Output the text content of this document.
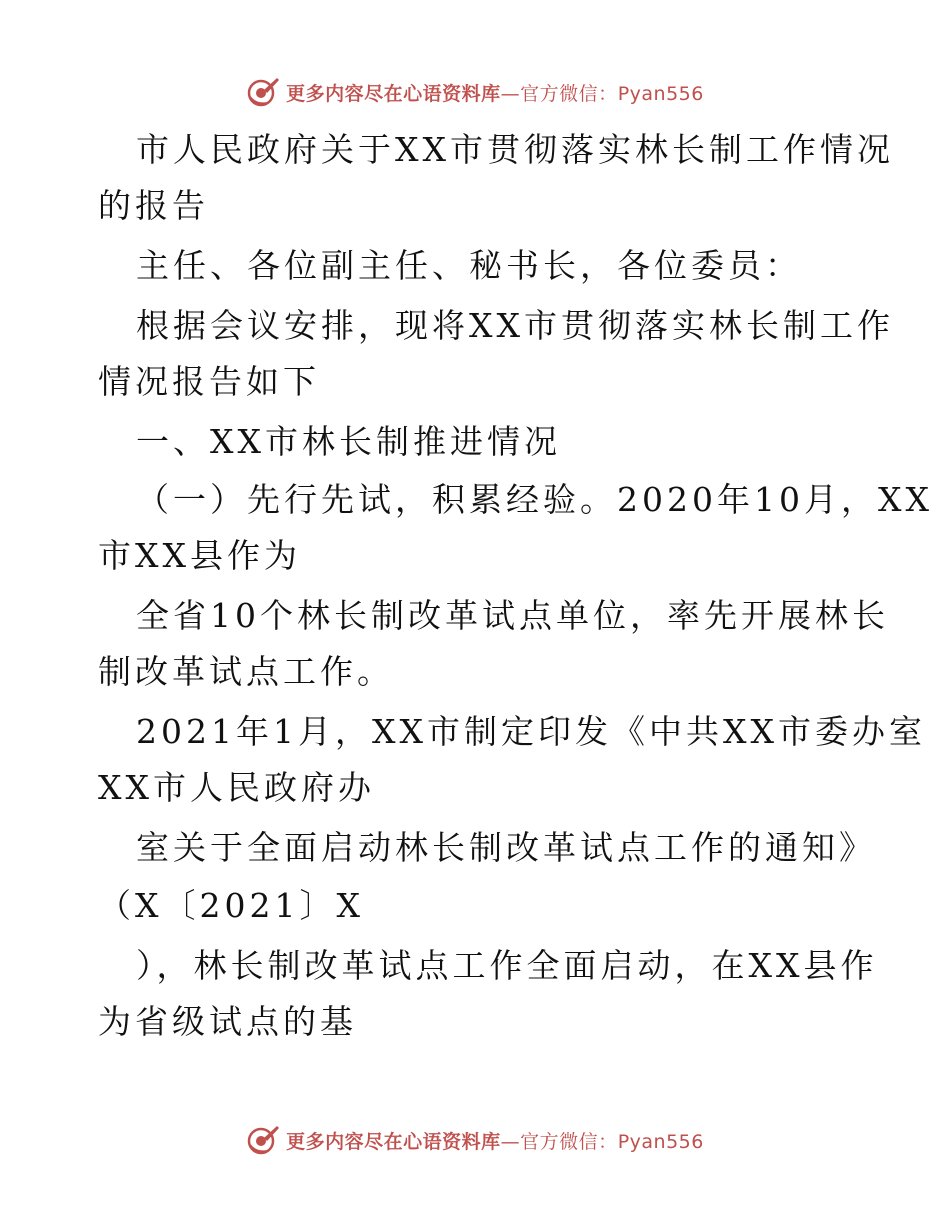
更多内容尽在心语资料库—官方微信：Pyan556
市人民政府关于XX市贯彻落实林长制工作情况
的报告
主任、各位副主任、秘书长，各位委员：
根据会议安排，现将XX市贯彻落实林长制工作
情况报告如下
一、XX市林长制推进情况
（一）先行先试，积累经验。2020年10月，XX
市XX县作为
全省10个林长制改革试点单位，率先开展林长
制改革试点工作。
2021年1月，XX市制定印发《中共XX市委办室
XX市人民政府办
室关于全面启动林长制改革试点工作的通知》
（X〔2021〕X
），林长制改革试点工作全面启动，在XX县作
为省级试点的基
更多内容尽在心语资料库—官方微信：Pyan556
